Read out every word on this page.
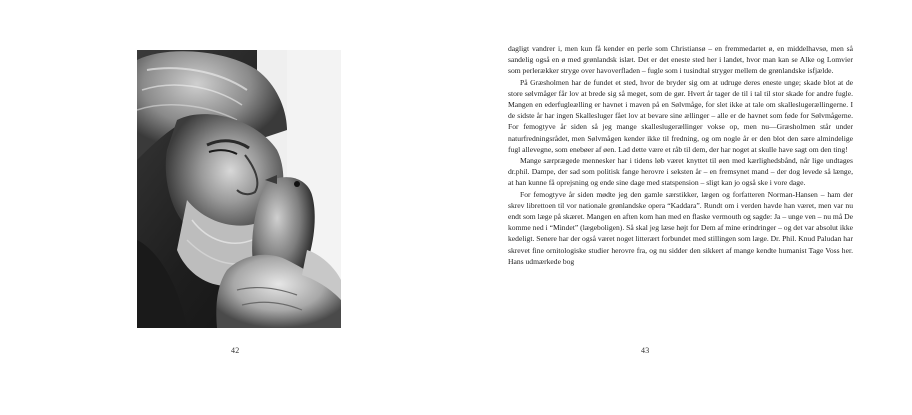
42

dagligt vandrer i, men kun få kender en perle som Christiansø – en fremmedartet ø, en middelhavsø, men så sandelig også en ø med grønlandsk islæt. Det er det eneste sted her i landet, hvor man kan se Alke og Lomvier som perlerækker stryge over havoverfladen – fugle som i tusindtal stryger mellem de grønlandske isfjælde.

På Græsholmen har de fundet et sted, hvor de bryder sig om at udruge deres eneste unge; skade blot at de store sølvmåger får lov at brede sig så meget, som de gør. Hvert år tager de til i tal til stor skade for andre fugle. Mangen en ederfugleælling er havnet i maven på en Sølvmåge, for slet ikke at tale om skalleslugerællingerne. I de sidste år har ingen Skallesluger fået lov at bevare sine ællinger – alle er de havnet som føde for Sølvmågerne. For femogtyve år siden så jeg mange skalleslugerællinger vokse op, men nu—Græsholmen står under naturfredningsrådet, men Sølvmågen kender ikke til fredning, og om nogle år er den blot den sære almindelige fugl allevegne, som enebøer af øen. Lad dette være et råb til dem, der har noget at skulle have sagt om den ting!

Mange særprægede mennesker har i tidens løb været knyttet til øen med kærlighedsbånd, når lige undtages dr.phil. Dampe, der sad som politisk fange herovre i seksten år – en fremsynet mand – der dog levede så længe, at han kunne få oprejsning og ende sine dage med statspension – sligt kan jo også ske i vore dage.

For femogtyve år siden mødte jeg den gamle særstikker, lægen og forfatteren Norman-Hansen – ham der skrev librettoen til vor nationale grønlandske opera “Kaddara”. Rundt om i verden havde han været, men var nu endt som læge på skæret. Mangen en aften kom han med en flaske vermouth og sagde: Ja – unge ven – nu må De komme ned i “Mindet” (lægeboligen). Så skal jeg læse højt for Dem af mine erindringer – og det var absolut ikke kedeligt. Senere har der også været noget litterært forbundet med stillingen som læge. Dr. Phil. Knud Paludan har skrevet fine ornitologiske studier herovre fra, og nu sidder den sikkert af mange kendte humanist Tage Voss her. Hans udmærkede bog

43
